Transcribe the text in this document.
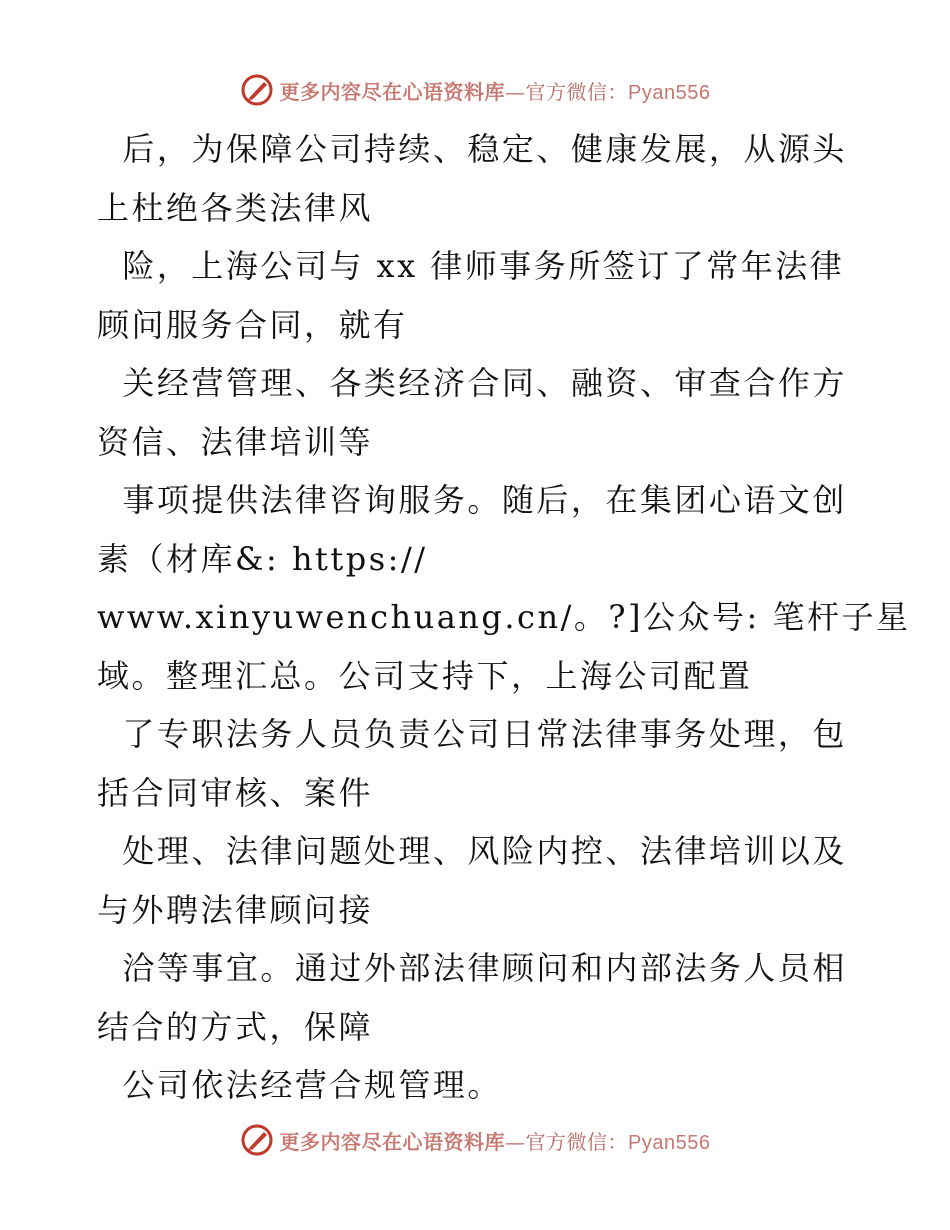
更多内容尽在心语资料库—官方微信：Pyan556

后，为保障公司持续、稳定、健康发展，从源头

上杜绝各类法律风

险，上海公司与 xx 律师事务所签订了常年法律

顾问服务合同，就有

关经营管理、各类经济合同、融资、审查合作方

资信、法律培训等

事项提供法律咨询服务。随后，在集团心语文创

素（材库&: https://

www.xinyuwenchuang.cn/。?]公众号: 笔杆子星

域。整理汇总。公司支持下，上海公司配置

了专职法务人员负责公司日常法律事务处理，包

括合同审核、案件

处理、法律问题处理、风险内控、法律培训以及

与外聘法律顾问接

洽等事宜。通过外部法律顾问和内部法务人员相

结合的方式，保障

公司依法经营合规管理。

更多内容尽在心语资料库—官方微信：Pyan556
